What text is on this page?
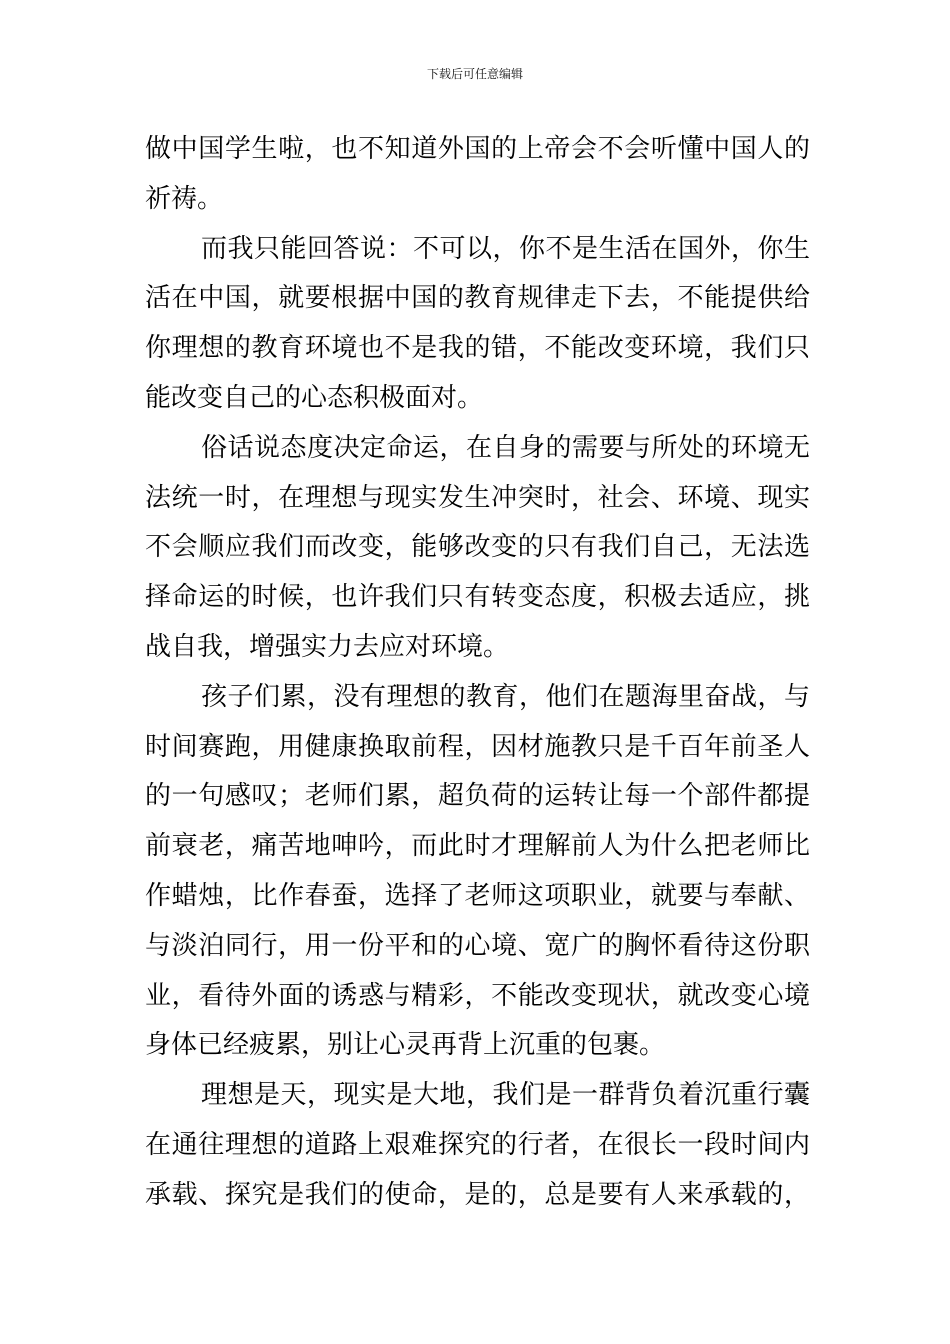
下载后可任意编辑
做中国学生啦，也不知道外国的上帝会不会听懂中国人的
祈祷。
而我只能回答说：不可以，你不是生活在国外，你生
活在中国，就要根据中国的教育规律走下去，不能提供给
你理想的教育环境也不是我的错，不能改变环境，我们只
能改变自己的心态积极面对。
俗话说态度决定命运，在自身的需要与所处的环境无
法统一时，在理想与现实发生冲突时，社会、环境、现实
不会顺应我们而改变，能够改变的只有我们自己，无法选
择命运的时候，也许我们只有转变态度，积极去适应，挑
战自我，增强实力去应对环境。
孩子们累，没有理想的教育，他们在题海里奋战，与
时间赛跑，用健康换取前程，因材施教只是千百年前圣人
的一句感叹；老师们累，超负荷的运转让每一个部件都提
前衰老，痛苦地呻吟，而此时才理解前人为什么把老师比
作蜡烛，比作春蚕，选择了老师这项职业，就要与奉献、
与淡泊同行，用一份平和的心境、宽广的胸怀看待这份职
业，看待外面的诱惑与精彩，不能改变现状，就改变心境
身体已经疲累，别让心灵再背上沉重的包裹。
理想是天，现实是大地，我们是一群背负着沉重行囊
在通往理想的道路上艰难探究的行者，在很长一段时间内
承载、探究是我们的使命，是的，总是要有人来承载的，
